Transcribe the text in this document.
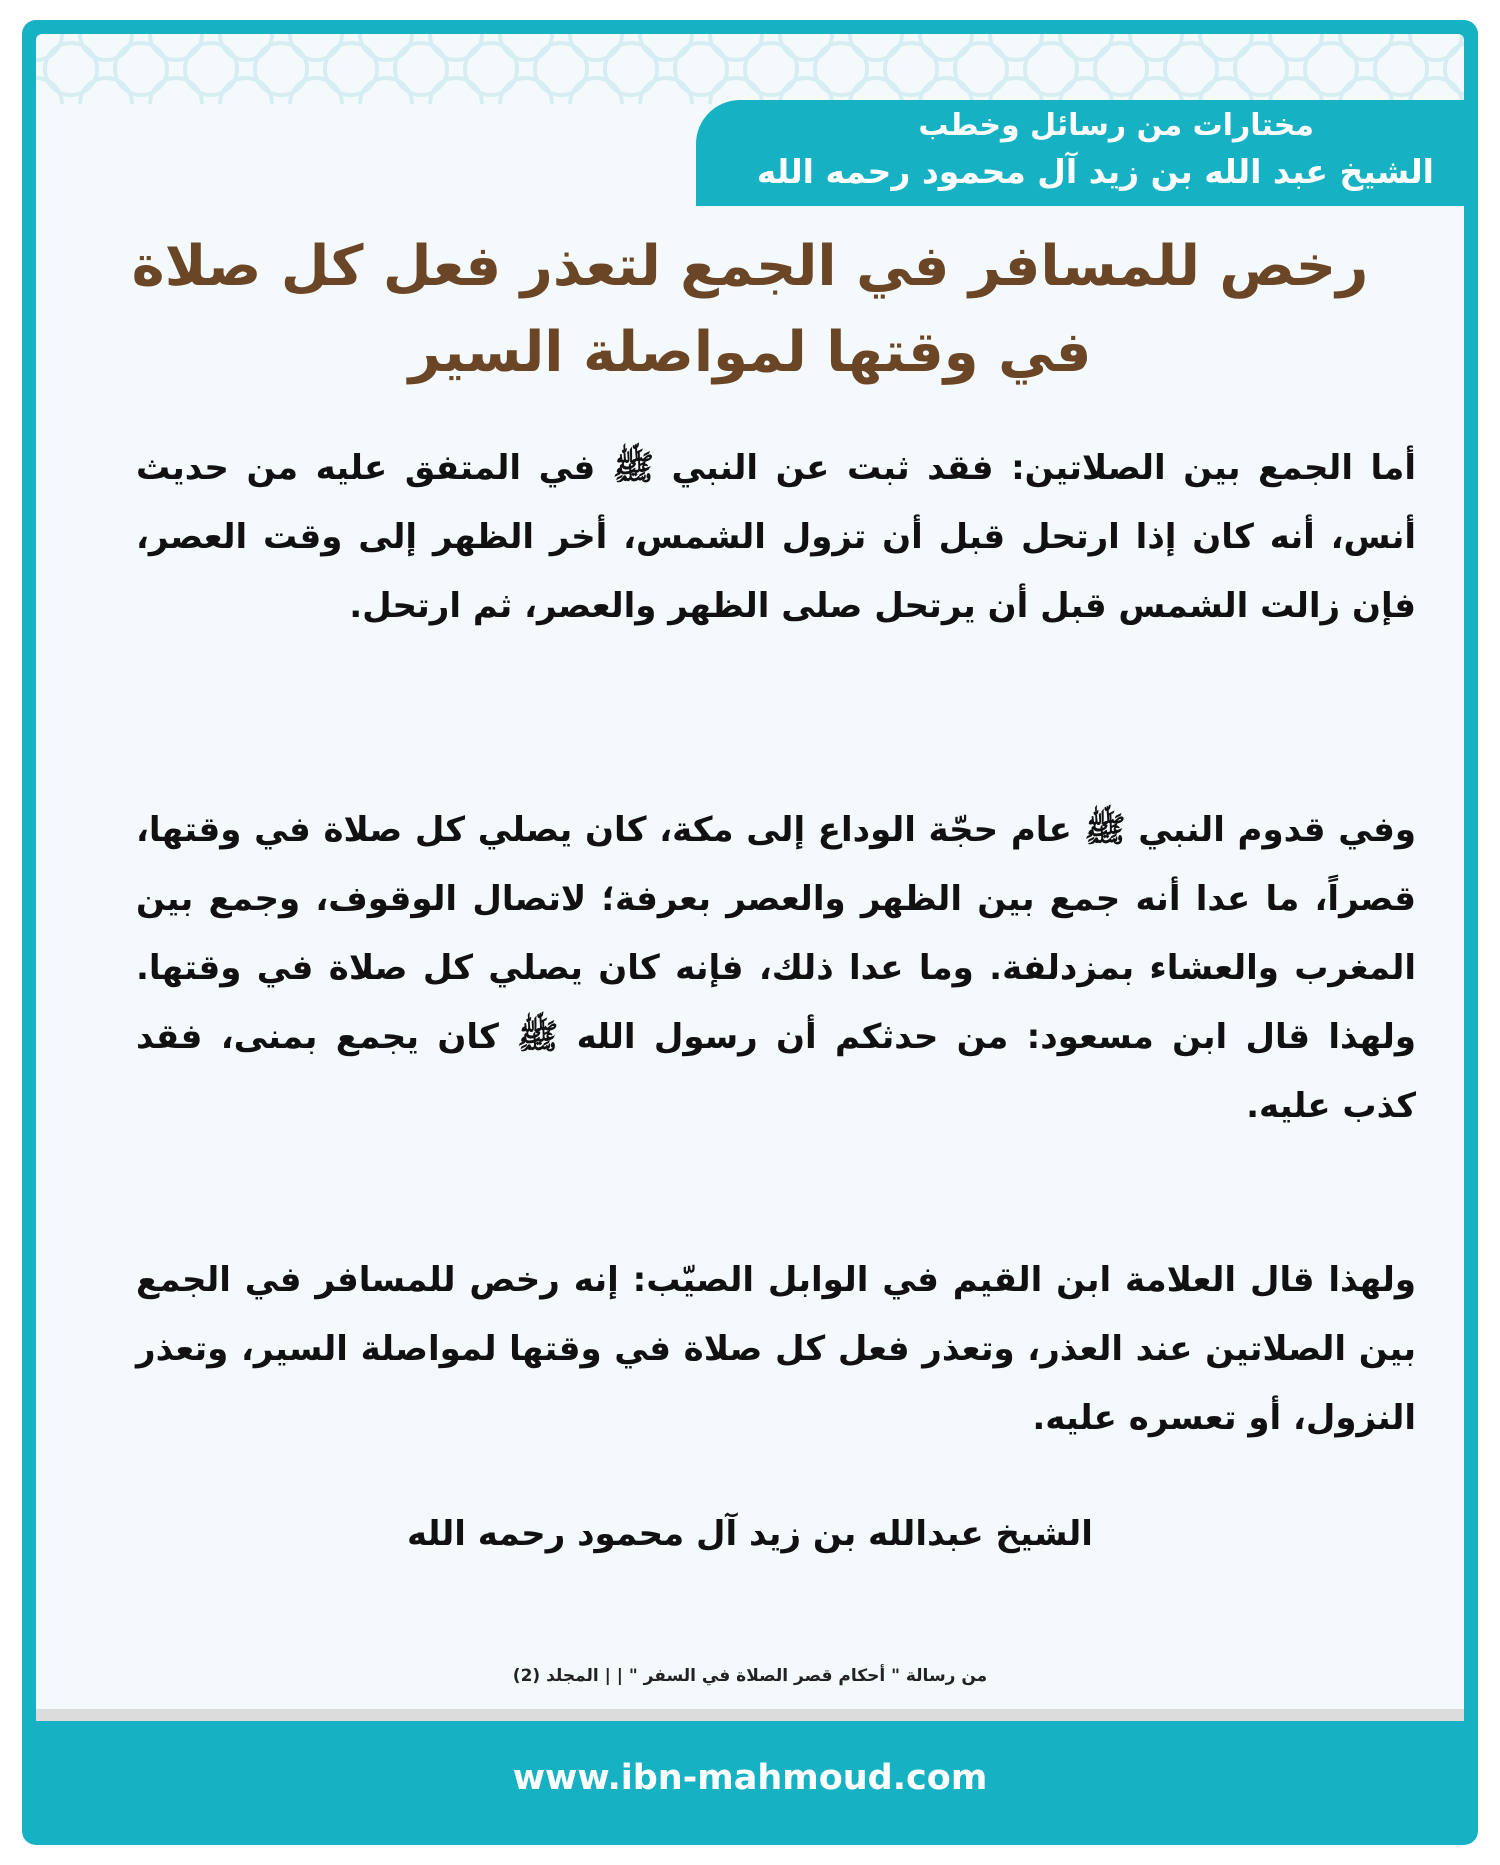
مختارات من رسائل وخطب
الشيخ عبد الله بن زيد آل محمود رحمه الله
رخص للمسافر في الجمع لتعذر فعل كل صلاة
في وقتها لمواصلة السير
أما الجمع بين الصلاتين: فقد ثبت عن النبي ﷺ في المتفق عليه من حديث أنس، أنه كان إذا ارتحل قبل أن تزول الشمس، أخر الظهر إلى وقت العصر، فإن زالت الشمس قبل أن يرتحل صلى الظهر والعصر، ثم ارتحل.
وفي قدوم النبي ﷺ عام حجّة الوداع إلى مكة، كان يصلي كل صلاة في وقتها، قصراً، ما عدا أنه جمع بين الظهر والعصر بعرفة؛ لاتصال الوقوف، وجمع بين المغرب والعشاء بمزدلفة. وما عدا ذلك، فإنه كان يصلي كل صلاة في وقتها. ولهذا قال ابن مسعود: من حدثكم أن رسول الله ﷺ كان يجمع بمنى، فقد كذب عليه.
ولهذا قال العلامة ابن القيم في الوابل الصيّب: إنه رخص للمسافر في الجمع بين الصلاتين عند العذر، وتعذر فعل كل صلاة في وقتها لمواصلة السير، وتعذر النزول، أو تعسره عليه.
الشيخ عبدالله بن زيد آل محمود رحمه الله
من رسالة " أحكام قصر الصلاة في السفر " | | المجلد (2)
www.ibn-mahmoud.com
